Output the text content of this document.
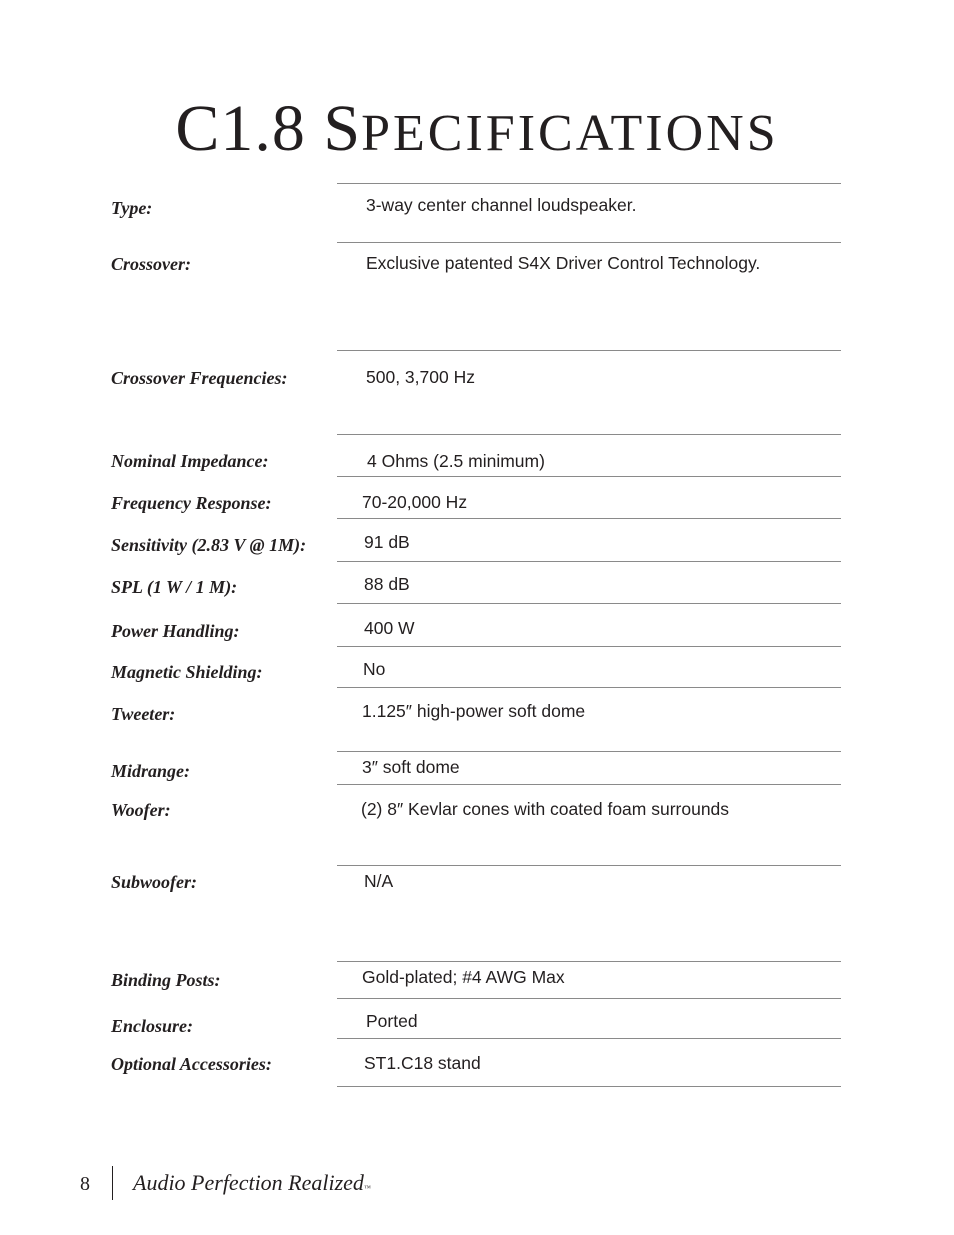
C1.8 SPECIFICATIONS
Type:	3-way center channel loudspeaker.
Crossover:	Exclusive patented S4X Driver Control Technology.
Crossover Frequencies:	500, 3,700 Hz
Nominal Impedance:	4 Ohms (2.5 minimum)
Frequency Response:	70-20,000 Hz
Sensitivity (2.83 V @ 1M):	91 dB
SPL (1 W / 1 M):	88 dB
Power Handling:	400 W
Magnetic Shielding:	No
Tweeter:	1.125″ high-power soft dome
Midrange:	3″ soft dome
Woofer:	(2) 8″ Kevlar cones with coated foam surrounds
Subwoofer:	N/A
Binding Posts:	Gold-plated; #4 AWG Max
Enclosure:	Ported
Optional Accessories:	ST1.C18 stand
8 Audio Perfection Realized™
